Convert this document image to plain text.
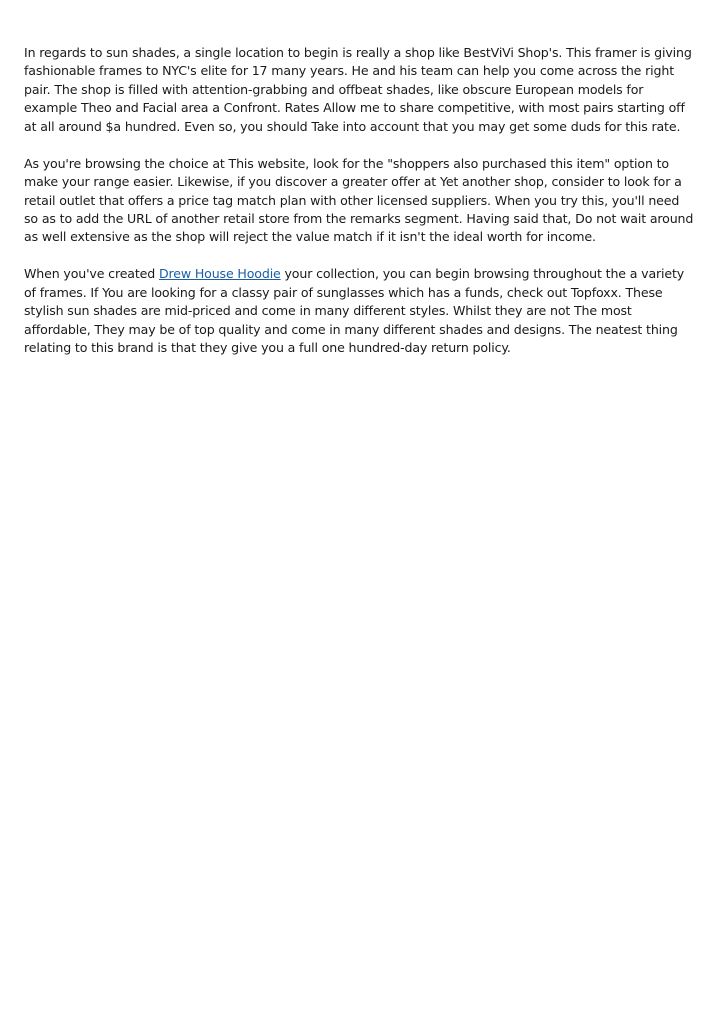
In regards to sun shades, a single location to begin is really a shop like BestViVi Shop's. This framer is giving fashionable frames to NYC's elite for 17 many years. He and his team can help you come across the right pair. The shop is filled with attention-grabbing and offbeat shades, like obscure European models for example Theo and Facial area a Confront. Rates Allow me to share competitive, with most pairs starting off at all around $a hundred. Even so, you should Take into account that you may get some duds for this rate.

As you're browsing the choice at This website, look for the "shoppers also purchased this item" option to make your range easier. Likewise, if you discover a greater offer at Yet another shop, consider to look for a retail outlet that offers a price tag match plan with other licensed suppliers. When you try this, you'll need so as to add the URL of another retail store from the remarks segment. Having said that, Do not wait around as well extensive as the shop will reject the value match if it isn't the ideal worth for income.

When you've created Drew House Hoodie your collection, you can begin browsing throughout the a variety of frames. If You are looking for a classy pair of sunglasses which has a funds, check out Topfoxx. These stylish sun shades are mid-priced and come in many different styles. Whilst they are not The most affordable, They may be of top quality and come in many different shades and designs. The neatest thing relating to this brand is that they give you a full one hundred-day return policy.
